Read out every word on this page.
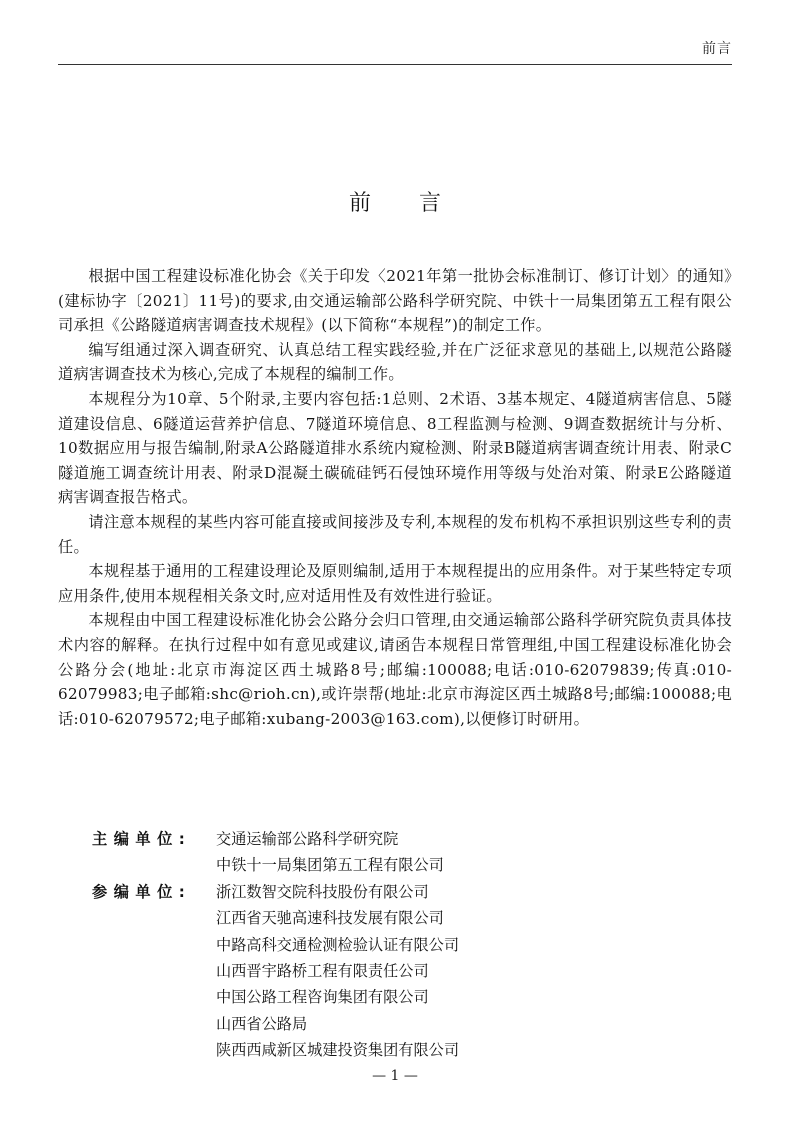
前言
前言

根据中国工程建设标准化协会《关于印发〈2021年第一批协会标准制订、修订计划〉的通知》(建标协字〔2021〕11号)的要求,由交通运输部公路科学研究院、中铁十一局集团第五工程有限公司承担《公路隧道病害调查技术规程》(以下简称“本规程”)的制定工作。

编写组通过深入调查研究、认真总结工程实践经验,并在广泛征求意见的基础上,以规范公路隧道病害调查技术为核心,完成了本规程的编制工作。

本规程分为10章、5个附录,主要内容包括:1总则、2术语、3基本规定、4隧道病害信息、5隧道建设信息、6隧道运营养护信息、7隧道环境信息、8工程监测与检测、9调查数据统计与分析、10数据应用与报告编制,附录A公路隧道排水系统内窥检测、附录B隧道病害调查统计用表、附录C隧道施工调查统计用表、附录D混凝土碳硫硅钙石侵蚀环境作用等级与处治对策、附录E公路隧道病害调查报告格式。

请注意本规程的某些内容可能直接或间接涉及专利,本规程的发布机构不承担识别这些专利的责任。

本规程基于通用的工程建设理论及原则编制,适用于本规程提出的应用条件。对于某些特定专项应用条件,使用本规程相关条文时,应对适用性及有效性进行验证。

本规程由中国工程建设标准化协会公路分会归口管理,由交通运输部公路科学研究院负责具体技术内容的解释。在执行过程中如有意见或建议,请函告本规程日常管理组,中国工程建设标准化协会公路分会(地址:北京市海淀区西土城路8号;邮编:100088;电话:010-62079839;传真:010-62079983;电子邮箱:shc@rioh.cn),或许崇帮(地址:北京市海淀区西土城路8号;邮编:100088;电话:010-62079572;电子邮箱:xubang-2003@163.com),以便修订时研用。

主编单位:	交通运输部公路科学研究院
中铁十一局集团第五工程有限公司
参编单位:	浙江数智交院科技股份有限公司
江西省天驰高速科技发展有限公司
中路高科交通检测检验认证有限公司
山西晋宇路桥工程有限责任公司
中国公路工程咨询集团有限公司
山西省公路局
陕西西咸新区城建投资集团有限公司
— 1 —
